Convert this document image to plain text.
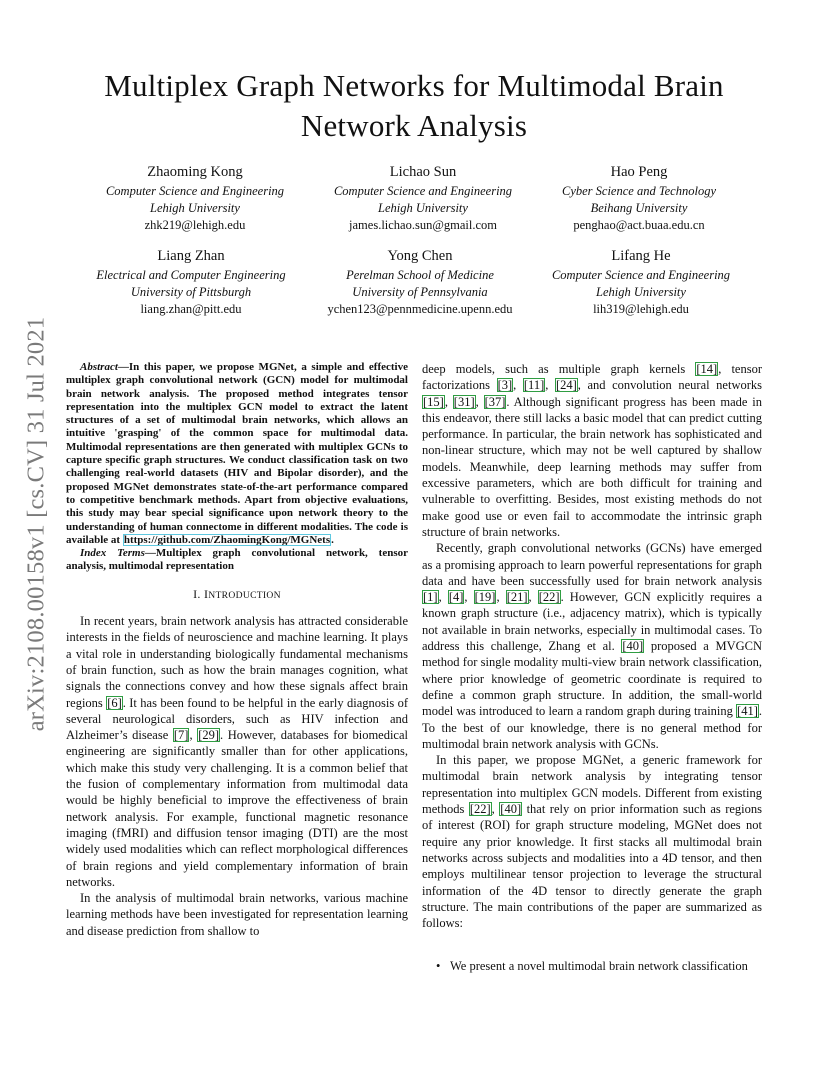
Multiplex Graph Networks for Multimodal Brain
Network Analysis
Zhaoming Kong
Computer Science and Engineering
Lehigh University
zhk219@lehigh.edu
Lichao Sun
Computer Science and Engineering
Lehigh University
james.lichao.sun@gmail.com
Hao Peng
Cyber Science and Technology
Beihang University
penghao@act.buaa.edu.cn
Liang Zhan
Electrical and Computer Engineering
University of Pittsburgh
liang.zhan@pitt.edu
Yong Chen
Perelman School of Medicine
University of Pennsylvania
ychen123@pennmedicine.upenn.edu
Lifang He
Computer Science and Engineering
Lehigh University
lih319@lehigh.edu
arXiv:2108.00158v1 [cs.CV] 31 Jul 2021	Abstract—In this paper, we propose MGNet, a simple and effective multiplex graph convolutional network (GCN) model for multimodal brain network analysis. The proposed method integrates tensor representation into the multiplex GCN model to extract the latent structures of a set of multimodal brain networks, which allows an intuitive 'grasping' of the common space for multimodal data. Multimodal representations are then generated with multiplex GCNs to capture specific graph structures. We conduct classification task on two challenging real-world datasets (HIV and Bipolar disorder), and the proposed MGNet demonstrates state-of-the-art performance compared to competitive benchmark methods. Apart from objective evaluations, this study may bear special significance upon network theory to the understanding of human connectome in different modalities. The code is available at https://github.com/ZhaomingKong/MGNets.

Index Terms—Multiplex graph convolutional network, tensor analysis, multimodal representation

I. INTRODUCTION

In recent years, brain network analysis has attracted considerable interests in the fields of neuroscience and machine learning. It plays a vital role in understanding biologically fundamental mechanisms of brain function, such as how the brain manages cognition, what signals the connections convey and how these signals affect brain regions [6]. It has been found to be helpful in the early diagnosis of several neurological disorders, such as HIV infection and Alzheimer’s disease [7], [29]. However, databases for biomedical engineering are significantly smaller than for other applications, which make this study very challenging. It is a common belief that the fusion of complementary information from multimodal data would be highly beneficial to improve the effectiveness of brain network analysis. For example, functional magnetic resonance imaging (fMRI) and diffusion tensor imaging (DTI) are the most widely used modalities which can reflect morphological differences of brain regions and yield complementary information of brain networks.

In the analysis of multimodal brain networks, various machine learning methods have been investigated for representation learning and disease prediction from shallow to

deep models, such as multiple graph kernels [14], tensor factorizations [3], [11], [24], and convolution neural networks [15], [31], [37]. Although significant progress has been made in this endeavor, there still lacks a basic model that can predict cutting performance. In particular, the brain network has sophisticated and non-linear structure, which may not be well captured by shallow models. Meanwhile, deep learning methods may suffer from excessive parameters, which are both difficult for training and vulnerable to overfitting. Besides, most existing methods do not make good use or even fail to accommodate the intrinsic graph structure of brain networks.

Recently, graph convolutional networks (GCNs) have emerged as a promising approach to learn powerful representations for graph data and have been successfully used for brain network analysis [1], [4], [19], [21], [22]. However, GCN explicitly requires a known graph structure (i.e., adjacency matrix), which is typically not available in brain networks, especially in multimodal cases. To address this challenge, Zhang et al. [40] proposed a MVGCN method for single modality multi-view brain network classification, where prior knowledge of geometric coordinate is required to define a common graph structure. In addition, the small-world model was introduced to learn a random graph during training [41]. To the best of our knowledge, there is no general method for multimodal brain network analysis with GCNs.

In this paper, we propose MGNet, a generic framework for multimodal brain network analysis by integrating tensor representation into multiplex GCN models. Different from existing methods [22], [40] that rely on prior information such as regions of interest (ROI) for graph structure modeling, MGNet does not require any prior knowledge. It first stacks all multimodal brain networks across subjects and modalities into a 4D tensor, and then employs multilinear tensor projection to leverage the structural information of the 4D tensor to directly generate the graph structure. The main contributions of the paper are summarized as follows:

• We present a novel multimodal brain network classification
